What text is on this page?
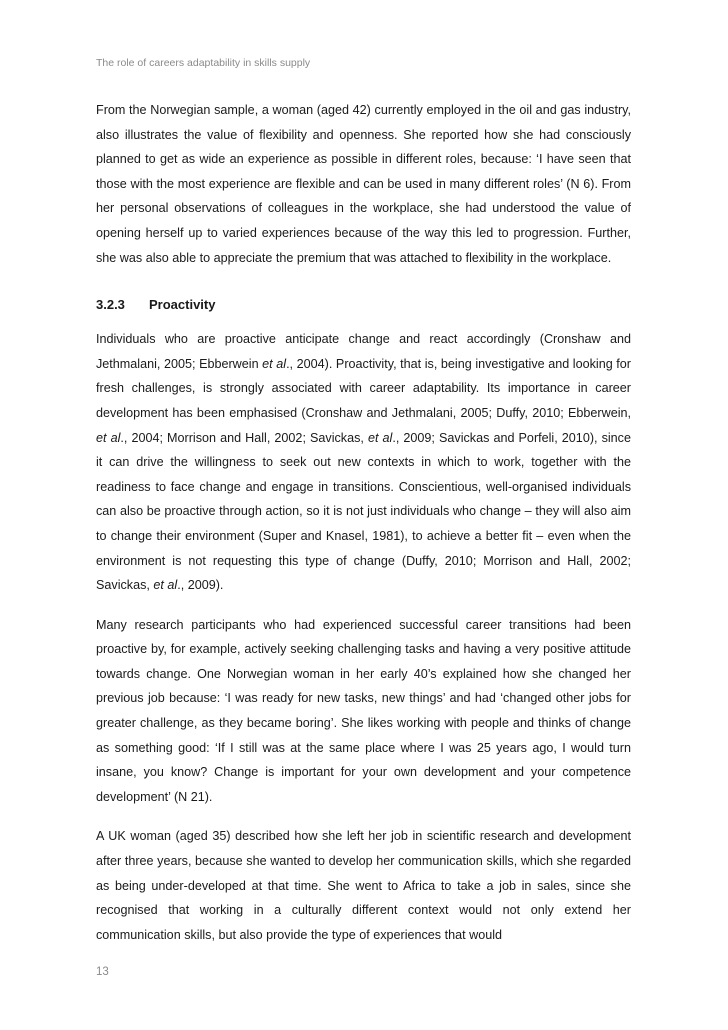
The role of careers adaptability in skills supply

From the Norwegian sample, a woman (aged 42) currently employed in the oil and gas industry, also illustrates the value of flexibility and openness. She reported how she had consciously planned to get as wide an experience as possible in different roles, because: ‘I have seen that those with the most experience are flexible and can be used in many different roles’ (N 6). From her personal observations of colleagues in the workplace, she had understood the value of opening herself up to varied experiences because of the way this led to progression. Further, she was also able to appreciate the premium that was attached to flexibility in the workplace.

3.2.3 Proactivity

Individuals who are proactive anticipate change and react accordingly (Cronshaw and Jethmalani, 2005; Ebberwein et al., 2004). Proactivity, that is, being investigative and looking for fresh challenges, is strongly associated with career adaptability. Its importance in career development has been emphasised (Cronshaw and Jethmalani, 2005; Duffy, 2010; Ebberwein, et al., 2004; Morrison and Hall, 2002; Savickas, et al., 2009; Savickas and Porfeli, 2010), since it can drive the willingness to seek out new contexts in which to work, together with the readiness to face change and engage in transitions. Conscientious, well-organised individuals can also be proactive through action, so it is not just individuals who change – they will also aim to change their environment (Super and Knasel, 1981), to achieve a better fit – even when the environment is not requesting this type of change (Duffy, 2010; Morrison and Hall, 2002; Savickas, et al., 2009).

Many research participants who had experienced successful career transitions had been proactive by, for example, actively seeking challenging tasks and having a very positive attitude towards change. One Norwegian woman in her early 40’s explained how she changed her previous job because: ‘I was ready for new tasks, new things’ and had ‘changed other jobs for greater challenge, as they became boring’. She likes working with people and thinks of change as something good: ‘If I still was at the same place where I was 25 years ago, I would turn insane, you know? Change is important for your own development and your competence development’ (N 21).

A UK woman (aged 35) described how she left her job in scientific research and development after three years, because she wanted to develop her communication skills, which she regarded as being under-developed at that time. She went to Africa to take a job in sales, since she recognised that working in a culturally different context would not only extend her communication skills, but also provide the type of experiences that would

13
